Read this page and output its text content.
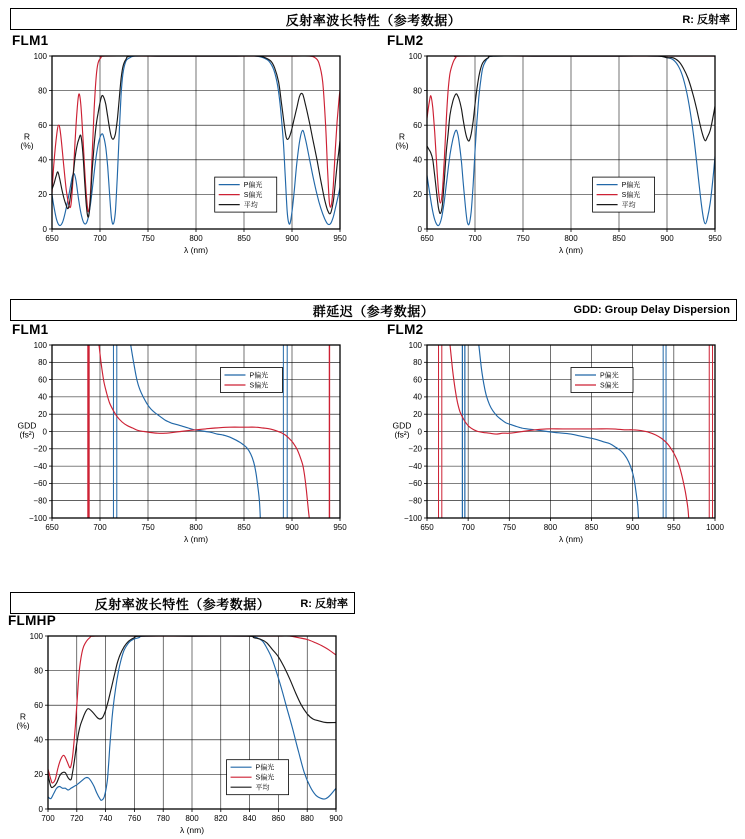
反射率波长特性（参考数据）	R: 反射率
FLM1
650	700	750	800	850	900	950
0
20
40
60
80
100
λ (nm)
R
(%)
P偏光
S偏光
平均
FLM2
650	700	750	800	850	900	950
0
20
40
60
80
100
λ (nm)
R
(%)
P偏光
S偏光
平均
群延迟（参考数据）	GDD: Group Delay Dispersion
FLM1
650	700	750	800	850	900	950
−100
−80
−60
−40
−20
0
20
40
60
80
100
λ (nm)
GDD
(fs²)
P偏光
S偏光
FLM2
650	700	750	800	850	900	950	1000
−100
−80
−60
−40
−20
0
20
40
60
80
100
λ (nm)
GDD
(fs²)
P偏光
S偏光
反射率波长特性（参考数据）	R: 反射率
FLMHP
700 720 740 760 780 800 820 840 860 880 900
0
20
40
60
80
100
λ (nm)
R
(%)
P偏光
S偏光
平均
